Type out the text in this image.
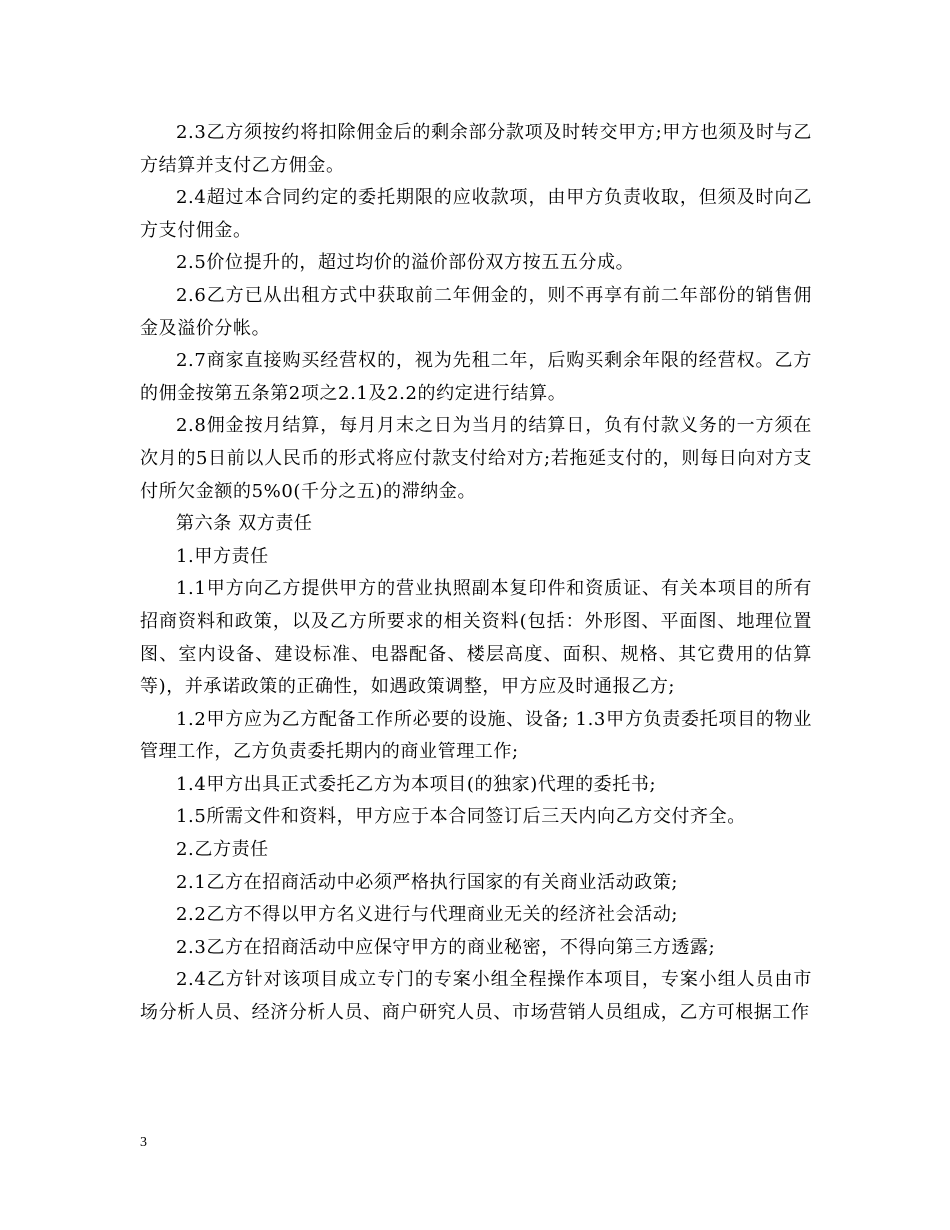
2.3乙方须按约将扣除佣金后的剩余部分款项及时转交甲方;甲方也须及时与乙方结算并支付乙方佣金。

2.4超过本合同约定的委托期限的应收款项，由甲方负责收取，但须及时向乙方支付佣金。

2.5价位提升的，超过均价的溢价部份双方按五五分成。

2.6乙方已从出租方式中获取前二年佣金的，则不再享有前二年部份的销售佣金及溢价分帐。

2.7商家直接购买经营权的，视为先租二年，后购买剩余年限的经营权。乙方的佣金按第五条第2项之2.1及2.2的约定进行结算。

2.8佣金按月结算，每月月末之日为当月的结算日，负有付款义务的一方须在次月的5日前以人民币的形式将应付款支付给对方;若拖延支付的，则每日向对方支付所欠金额的5%0(千分之五)的滞纳金。

第六条 双方责任

1.甲方责任

1.1甲方向乙方提供甲方的营业执照副本复印件和资质证、有关本项目的所有招商资料和政策，以及乙方所要求的相关资料(包括：外形图、平面图、地理位置图、室内设备、建设标准、电器配备、楼层高度、面积、规格、其它费用的估算等)，并承诺政策的正确性，如遇政策调整，甲方应及时通报乙方;

1.2甲方应为乙方配备工作所必要的设施、设备; 1.3甲方负责委托项目的物业管理工作，乙方负责委托期内的商业管理工作;

1.4甲方出具正式委托乙方为本项目(的独家)代理的委托书;

1.5所需文件和资料，甲方应于本合同签订后三天内向乙方交付齐全。

2.乙方责任

2.1乙方在招商活动中必须严格执行国家的有关商业活动政策;

2.2乙方不得以甲方名义进行与代理商业无关的经济社会活动;

2.3乙方在招商活动中应保守甲方的商业秘密，不得向第三方透露;

2.4乙方针对该项目成立专门的专案小组全程操作本项目，专案小组人员由市场分析人员、经济分析人员、商户研究人员、市场营销人员组成，乙方可根据工作

3
